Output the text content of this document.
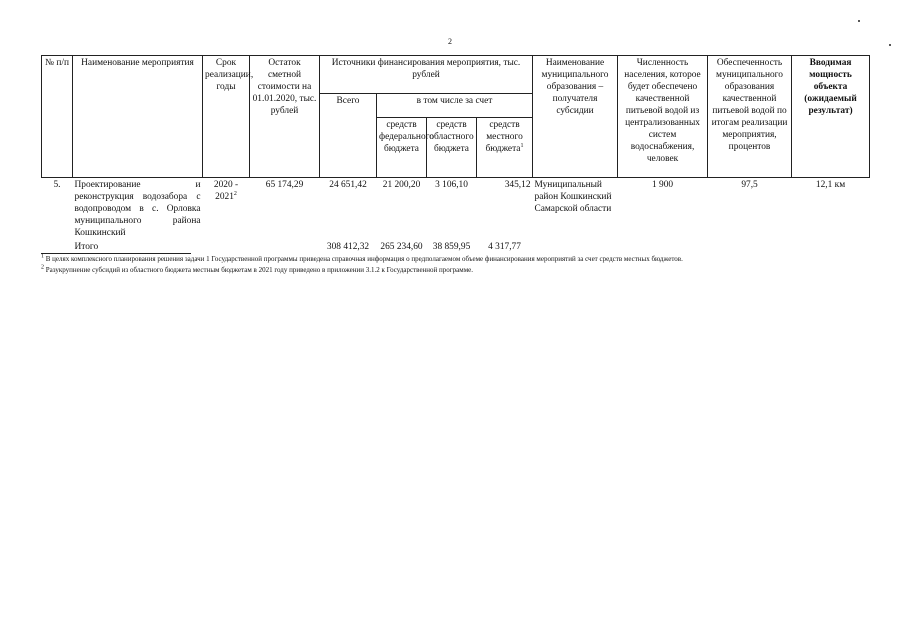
2
№ п/п	Наименование мероприятия	Срок реализации, годы	Остаток сметной стоимости на 01.01.2020, тыс. рублей	Источники финансирования мероприятия, тыс. рублей				Наименование муниципального образования – получателя субсидии	Численность населения, которое будет обеспечено качественной питьевой водой из централизованных систем водоснабжения, человек	Обеспеченность муниципального образования качественной питьевой водой по итогам реализации мероприятия, процентов	Вводимая мощность объекта (ожидаемый результат)
				Всего	в том числе за счет						
					средств федерального бюджета	средств областного бюджета	средств местного бюджета$^1$
5.	Проектирование и реконструкция водозабора с водопроводом в с. Орловка муниципального района Кошкинский	2020 - 2021$^2$	65 174,29	24 651,42	21 200,20	3 106,10	345,12	Муниципальный район Кошкинский Самарской области	1 900	97,5	12,1 км
	Итого			308 412,32	265 234,60	38 859,95	4 317,77				

$^1$ В целях комплексного планирования решения задачи 1 Государственной программы приведена справочная информация о предполагаемом объеме финансирования мероприятий за счет средств местных бюджетов.

$^2$ Разукрупнение субсидий из областного бюджета местным бюджетам в 2021 году приведено в приложении 3.1.2 к Государственной программе.
